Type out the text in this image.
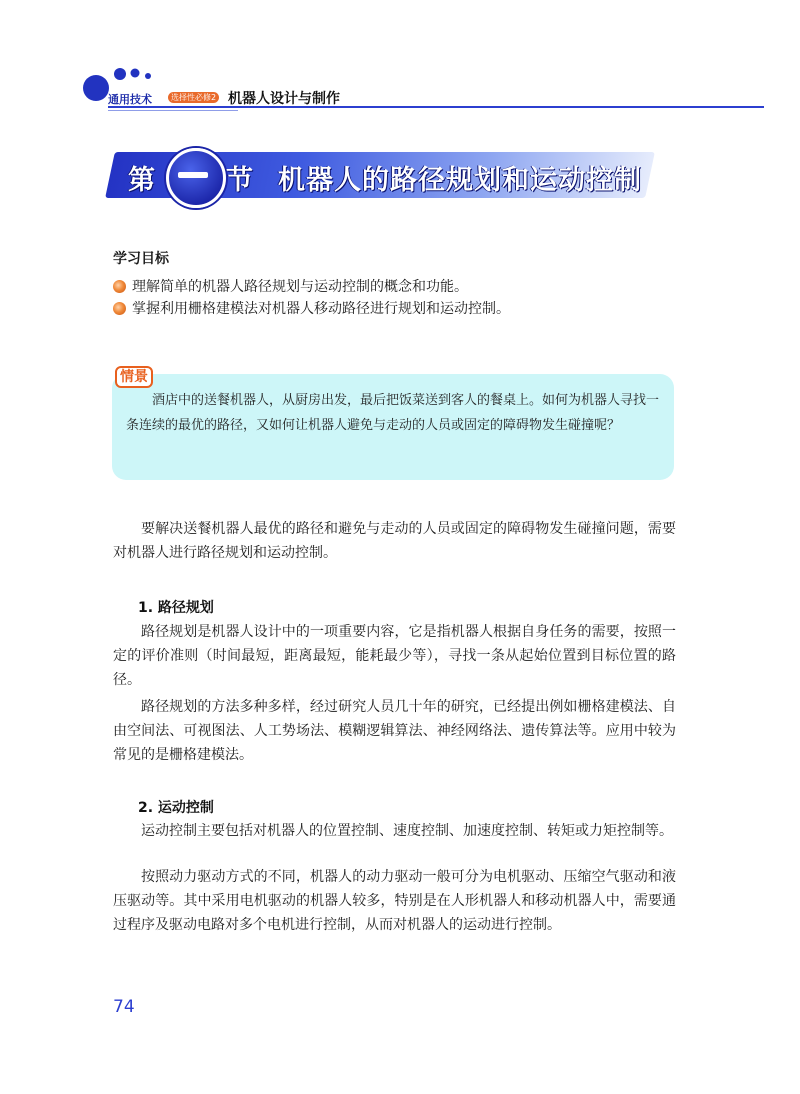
通用技术	选择性必修2 机器人设计与制作
第	节 机器人的路径规划和运动控制
学习目标
理解简单的机器人路径规划与运动控制的概念和功能。
掌握利用栅格建模法对机器人移动路径进行规划和运动控制。
情景
酒店中的送餐机器人，从厨房出发，最后把饭菜送到客人的餐桌上。如何为机器人寻找一条连续的最优的路径，又如何让机器人避免与走动的人员或固定的障碍物发生碰撞呢？
要解决送餐机器人最优的路径和避免与走动的人员或固定的障碍物发生碰撞问题，需要对机器人进行路径规划和运动控制。
1. 路径规划
路径规划是机器人设计中的一项重要内容，它是指机器人根据自身任务的需要，按照一定的评价准则（时间最短，距离最短，能耗最少等），寻找一条从起始位置到目标位置的路径。
路径规划的方法多种多样，经过研究人员几十年的研究，已经提出例如栅格建模法、自由空间法、可视图法、人工势场法、模糊逻辑算法、神经网络法、遗传算法等。应用中较为常见的是栅格建模法。
2. 运动控制
运动控制主要包括对机器人的位置控制、速度控制、加速度控制、转矩或力矩控制等。
按照动力驱动方式的不同，机器人的动力驱动一般可分为电机驱动、压缩空气驱动和液压驱动等。其中采用电机驱动的机器人较多，特别是在人形机器人和移动机器人中，需要通过程序及驱动电路对多个电机进行控制，从而对机器人的运动进行控制。
74
